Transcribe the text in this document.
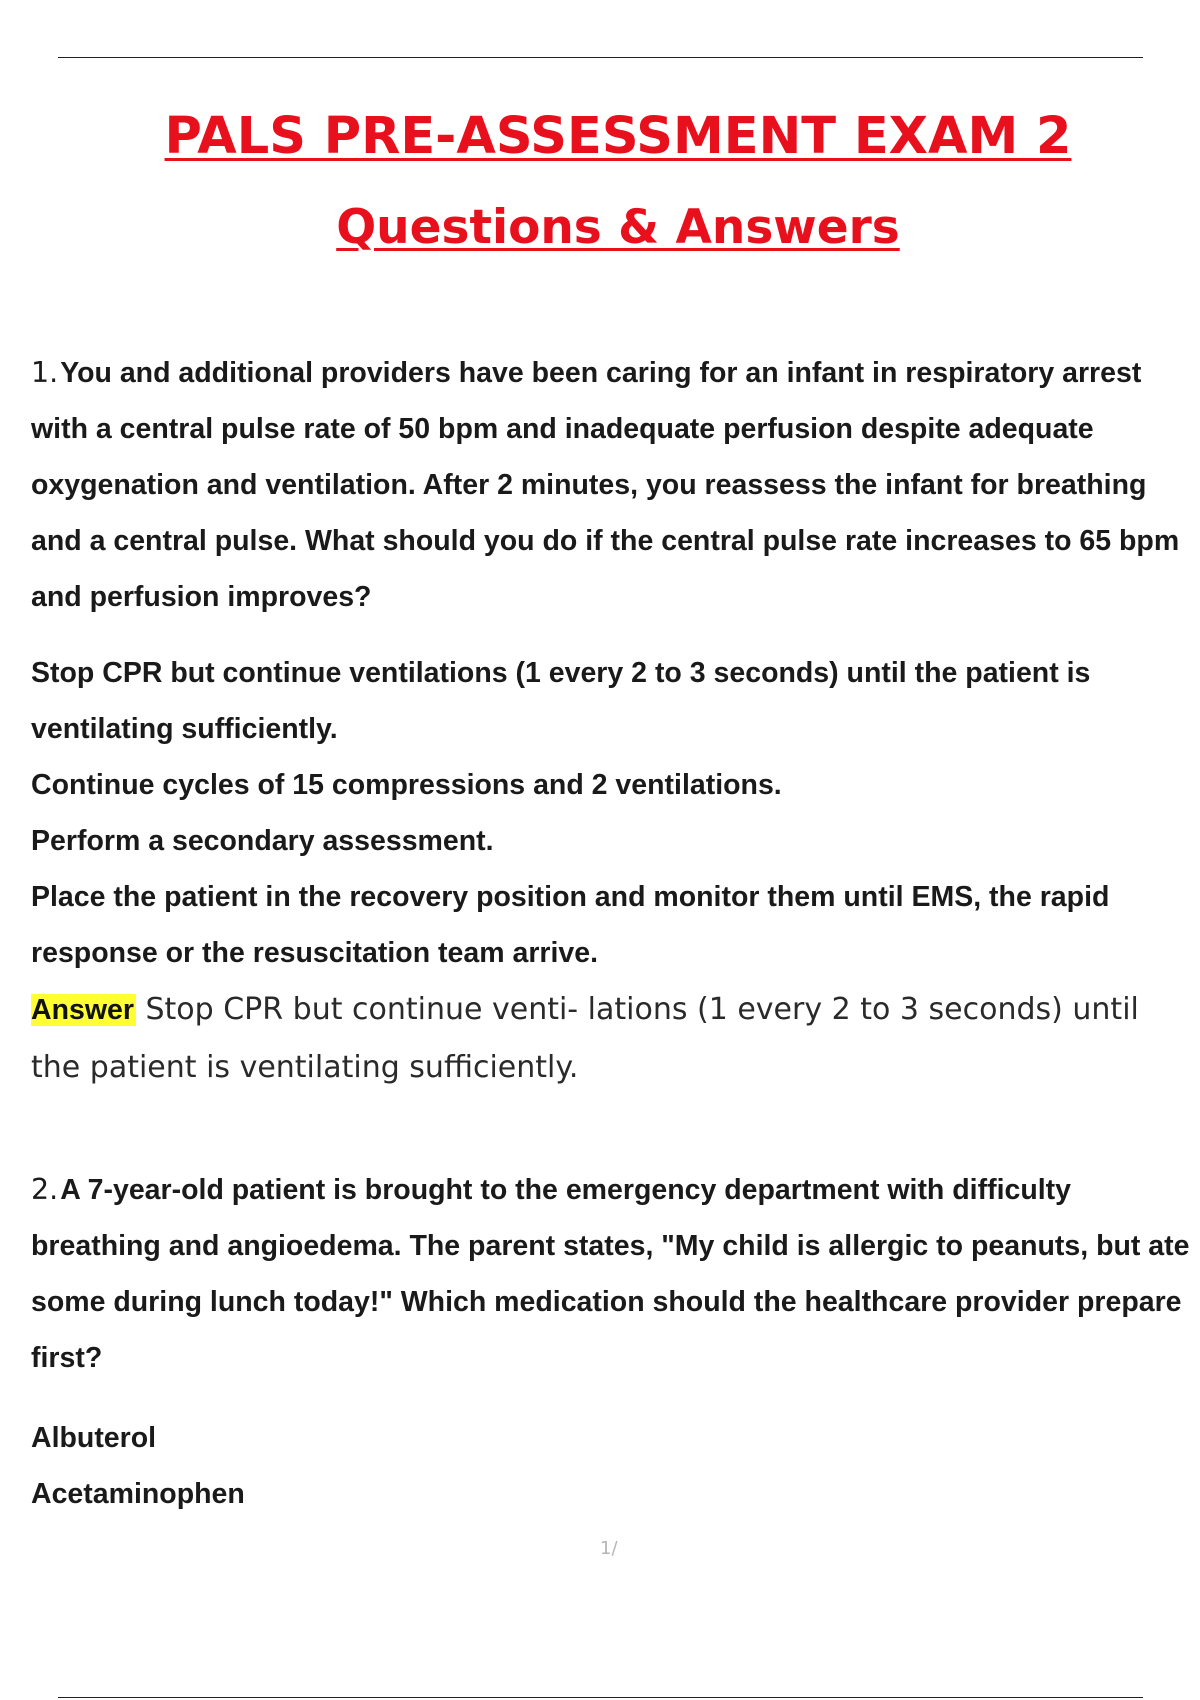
PALS PRE-ASSESSMENT EXAM 2
Questions & Answers

1.You and additional providers have been caring for an infant in respiratory arrest with a central pulse rate of 50 bpm and inadequate perfusion despite adequate oxygenation and ventilation. After 2 minutes, you reassess the infant for breathing and a central pulse. What should you do if the central pulse rate increases to 65 bpm and perfusion improves?

Stop CPR but continue ventilations (1 every 2 to 3 seconds) until the patient is ventilating sufficiently.
Continue cycles of 15 compressions and 2 ventilations.
Perform a secondary assessment.
Place the patient in the recovery position and monitor them until EMS, the rapid response or the resuscitation team arrive.

Answer Stop CPR but continue venti- lations (1 every 2 to 3 seconds) until the patient is ventilating sufficiently.

2.A 7-year-old patient is brought to the emergency department with difficulty breathing and angioedema. The parent states, "My child is allergic to peanuts, but ate some during lunch today!" Which medication should the healthcare provider prepare first?

Albuterol
Acetaminophen
1/
